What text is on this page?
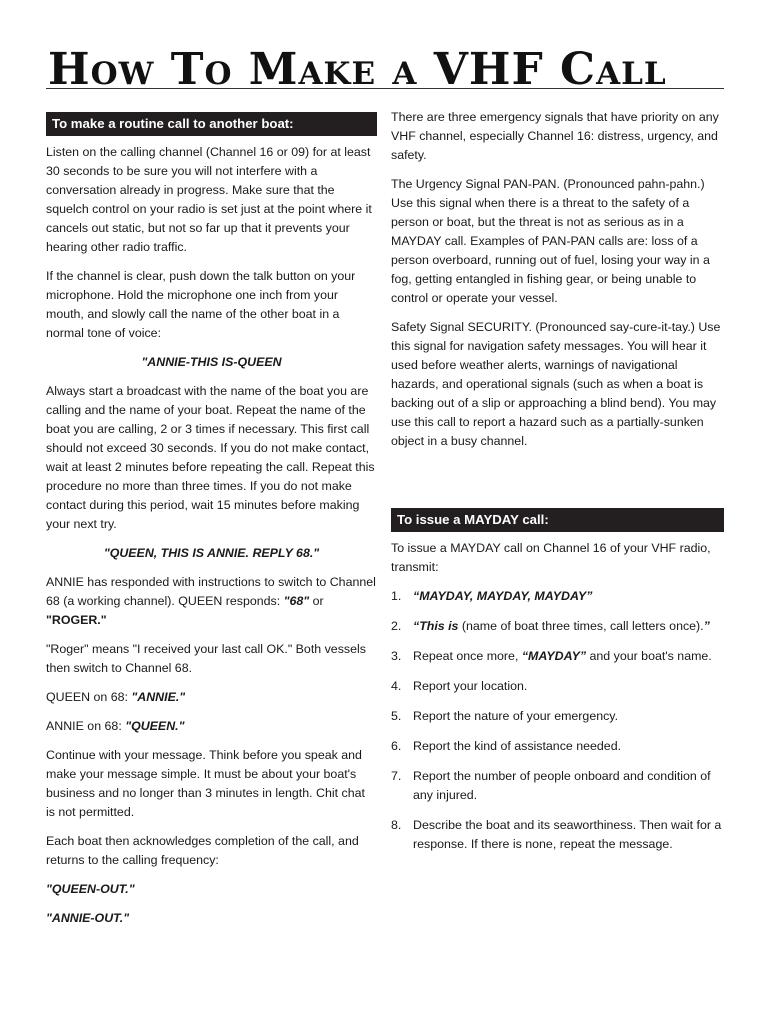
How To Make a VHF Call
To make a routine call to another boat:

Listen on the calling channel (Channel 16 or 09) for at least 30 seconds to be sure you will not interfere with a conversation already in progress. Make sure that the squelch control on your radio is set just at the point where it cancels out static, but not so far up that it prevents your hearing other radio traffic.

If the channel is clear, push down the talk button on your microphone. Hold the microphone one inch from your mouth, and slowly call the name of the other boat in a normal tone of voice:

"ANNIE-THIS IS-QUEEN

Always start a broadcast with the name of the boat you are calling and the name of your boat. Repeat the name of the boat you are calling, 2 or 3 times if necessary. This first call should not exceed 30 seconds. If you do not make contact, wait at least 2 minutes before repeating the call. Repeat this procedure no more than three times. If you do not make contact during this period, wait 15 minutes before making your next try.

"QUEEN, THIS IS ANNIE. REPLY 68."

ANNIE has responded with instructions to switch to Channel 68 (a working channel). QUEEN responds: "68" or "ROGER."

"Roger" means "I received your last call OK." Both vessels then switch to Channel 68.

QUEEN on 68: "ANNIE."

ANNIE on 68: "QUEEN."

Continue with your message. Think before you speak and make your message simple. It must be about your boat's business and no longer than 3 minutes in length. Chit chat is not permitted.

Each boat then acknowledges completion of the call, and returns to the calling frequency:

"QUEEN-OUT."

"ANNIE-OUT."

There are three emergency signals that have priority on any VHF channel, especially Channel 16: distress, urgency, and safety.

The Urgency Signal PAN-PAN. (Pronounced pahn-pahn.) Use this signal when there is a threat to the safety of a person or boat, but the threat is not as serious as in a MAYDAY call. Examples of PAN-PAN calls are: loss of a person overboard, running out of fuel, losing your way in a fog, getting entangled in fishing gear, or being unable to control or operate your vessel.

Safety Signal SECURITY. (Pronounced say-cure-it-tay.) Use this signal for navigation safety messages. You will hear it used before weather alerts, warnings of navigational hazards, and operational signals (such as when a boat is backing out of a slip or approaching a blind bend). You may use this call to report a hazard such as a partially-sunken object in a busy channel.

To issue a MAYDAY call:

To issue a MAYDAY call on Channel 16 of your VHF radio, transmit:

1. “MAYDAY, MAYDAY, MAYDAY”
2. “This is (name of boat three times, call letters once).”
3. Repeat once more, “MAYDAY” and your boat's name.
4. Report your location.
5. Report the nature of your emergency.
6. Report the kind of assistance needed.
7. Report the number of people onboard and condition of any injured.
8. Describe the boat and its seaworthiness. Then wait for a response. If there is none, repeat the message.
